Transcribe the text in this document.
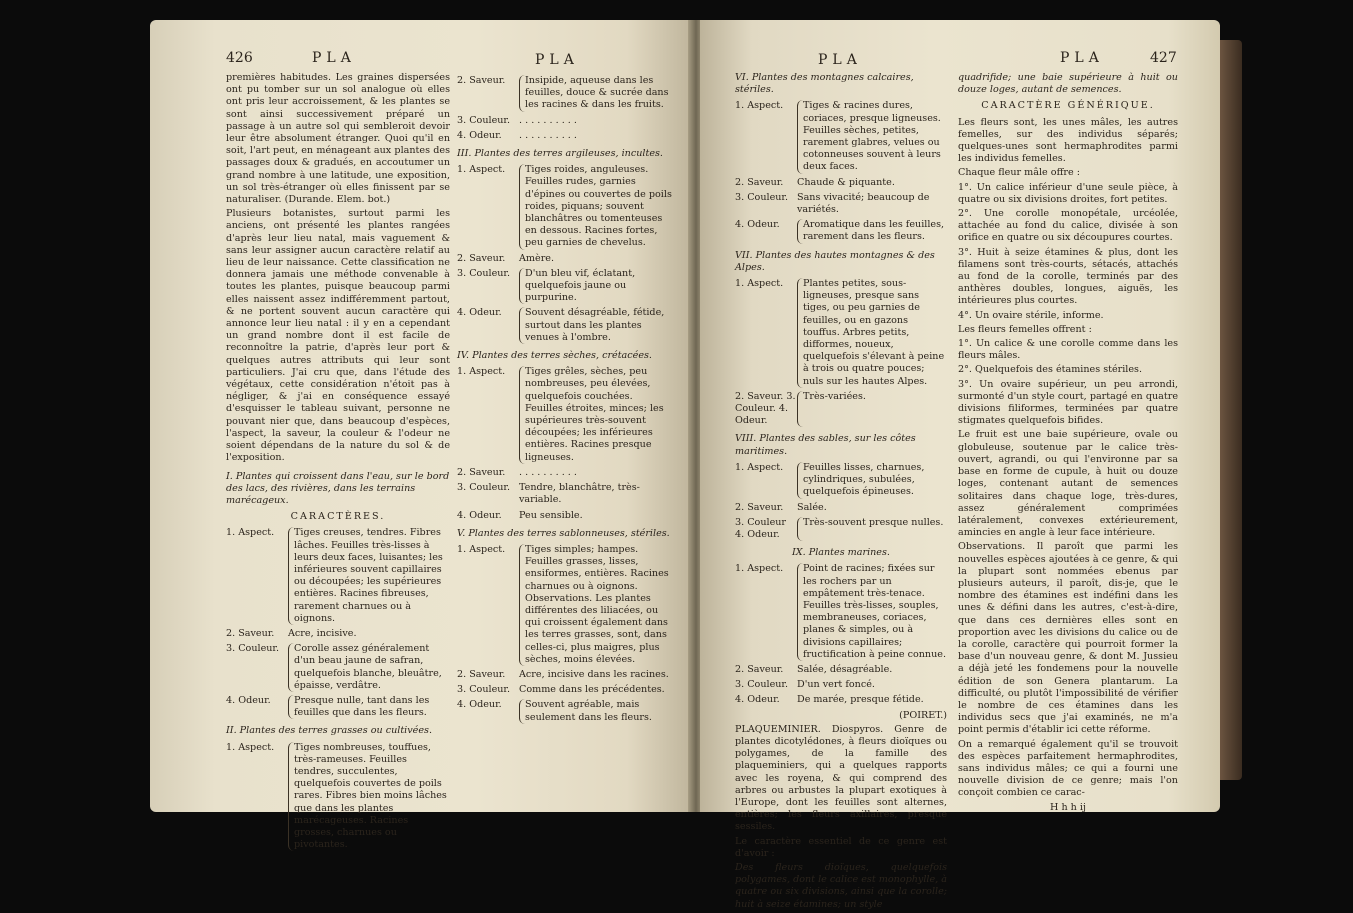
426	PLA	PLA

premières habitudes. Les graines dispersées ont pu tomber sur un sol analogue où elles ont pris leur accroissement, & les plantes se sont ainsi successivement préparé un passage à un autre sol qui sembleroit devoir leur être absolument étranger. Quoi qu'il en soit, l'art peut, en ménageant aux plantes des passages doux & gradués, en accoutumer un grand nombre à une latitude, une exposition, un sol très-étranger où elles finissent par se naturaliser. (Durande. Elem. bot.)

Plusieurs botanistes, surtout parmi les anciens, ont présenté les plantes rangées d'après leur lieu natal, mais vaguement & sans leur assigner aucun caractère relatif au lieu de leur naissance. Cette classification ne donnera jamais une méthode convenable à toutes les plantes, puisque beaucoup parmi elles naissent assez indifféremment partout, & ne portent souvent aucun caractère qui annonce leur lieu natal : il y en a cependant un grand nombre dont il est facile de reconnoître la patrie, d'après leur port & quelques autres attributs qui leur sont particuliers. J'ai cru que, dans l'étude des végétaux, cette considération n'étoit pas à négliger, & j'ai en conséquence essayé d'esquisser le tableau suivant, personne ne pouvant nier que, dans beaucoup d'espèces, l'aspect, la saveur, la couleur & l'odeur ne soient dépendans de la nature du sol & de l'exposition.

I. Plantes qui croissent dans l'eau, sur le bord des lacs, des rivières, dans les terrains marécageux.
CARACTÈRES.
1. Aspect.	Tiges creuses, tendres. Fibres lâches. Feuilles très-lisses à leurs deux faces, luisantes; les inférieures souvent capillaires ou découpées; les supérieures entières. Racines fibreuses, rarement charnues ou à oignons.
2. Saveur.	Acre, incisive.
3. Couleur.	Corolle assez généralement d'un beau jaune de safran, quelquefois blanche, bleuâtre, épaisse, verdâtre.
4. Odeur.	Presque nulle, tant dans les feuilles que dans les fleurs.
II. Plantes des terres grasses ou cultivées.
1. Aspect.	Tiges nombreuses, touffues, très-rameuses. Feuilles tendres, succulentes, quelquefois couvertes de poils rares. Fibres bien moins lâches que dans les plantes marécageuses. Racines grosses, charnues ou pivotantes.
2. Saveur.	Insipide, aqueuse dans les feuilles, douce & sucrée dans les racines & dans les fruits.
3. Couleur. . . . . . . . . . .
4. Odeur.	. . . . . . . . . .
III. Plantes des terres argileuses, incultes.
1. Aspect.	Tiges roides, anguleuses. Feuilles rudes, garnies d'épines ou couvertes de poils roides, piquans; souvent blanchâtres ou tomenteuses en dessous. Racines fortes, peu garnies de chevelus.
2. Saveur.	Amère.
3. Couleur.	D'un bleu vif, éclatant, quelquefois jaune ou purpurine.
4. Odeur.	Souvent désagréable, fétide, surtout dans les plantes venues à l'ombre.
IV. Plantes des terres sèches, crétacées.
1. Aspect.	Tiges grêles, sèches, peu nombreuses, peu élevées, quelquefois couchées. Feuilles étroites, minces; les supérieures très-souvent découpées; les inférieures entières. Racines presque ligneuses.
2. Saveur.	. . . . . . . . . .
3. Couleur. Tendre, blanchâtre, très-variable.
4. Odeur.	Peu sensible.
V. Plantes des terres sablonneuses, stériles.
1. Aspect.	Tiges simples; hampes. Feuilles grasses, lisses, ensiformes, entières. Racines charnues ou à oignons. Observations. Les plantes différentes des liliacées, ou qui croissent également dans les terres grasses, sont, dans celles-ci, plus maigres, plus sèches, moins élevées.
2. Saveur.	Acre, incisive dans les racines.
3. Couleur. Comme dans les précédentes.
4. Odeur.	Souvent agréable, mais seulement dans les fleurs.
PLA	PLA	427
VI. Plantes des montagnes calcaires, stériles.
1. Aspect.	Tiges & racines dures, coriaces, presque ligneuses. Feuilles sèches, petites, rarement glabres, velues ou cotonneuses souvent à leurs deux faces.
2. Saveur.	Chaude & piquante.
3. Couleur. Sans vivacité; beaucoup de variétés.
4. Odeur.	Aromatique dans les feuilles, rarement dans les fleurs.
VII. Plantes des hautes montagnes & des Alpes.
1. Aspect.	Plantes petites, sous-ligneuses, presque sans tiges, ou peu garnies de feuilles, ou en gazons touffus. Arbres petits, difformes, noueux, quelquefois s'élevant à peine à trois ou quatre pouces; nuls sur les hautes Alpes.
2. Saveur. 3. Couleur. 4. Odeur.
Très-variées.
VIII. Plantes des sables, sur les côtes maritimes.
1. Aspect.	Feuilles lisses, charnues, cylindriques, subulées, quelquefois épineuses.
2. Saveur.	Salée.
3. Couleur 4. Odeur.
Très-souvent presque nulles.
IX. Plantes marines.
1. Aspect.	Point de racines; fixées sur les rochers par un empâtement très-tenace. Feuilles très-lisses, souples, membraneuses, coriaces, planes & simples, ou à divisions capillaires; fructification à peine connue.
2. Saveur.	Salée, désagréable.
3. Couleur. D'un vert foncé.
4. Odeur.	De marée, presque fétide.

(POIRET.)

PLAQUEMINIER. Diospyros. Genre de plantes dicotylédones, à fleurs dioïques ou polygames, de la famille des plaqueminiers, qui a quelques rapports avec les royena, & qui comprend des arbres ou arbustes la plupart exotiques à l'Europe, dont les feuilles sont alternes, entières; les fleurs axillaires, presque sessiles.

Le caractère essentiel de ce genre est d'avoir :

Des fleurs dioïques, quelquefois polygames, dont le calice est monophylle, à quatre ou six divisions, ainsi que la corolle; huit à seize étamines; un style

quadrifide; une baie supérieure à huit ou douze loges, autant de semences.

CARACTÈRE GÉNÉRIQUE.

Les fleurs sont, les unes mâles, les autres femelles, sur des individus séparés; quelques-unes sont hermaphrodites parmi les individus femelles.

Chaque fleur mâle offre :

1°. Un calice inférieur d'une seule pièce, à quatre ou six divisions droites, fort petites.

2°. Une corolle monopétale, urcéolée, attachée au fond du calice, divisée à son orifice en quatre ou six découpures courtes.

3°. Huit à seize étamines & plus, dont les filamens sont très-courts, sétacés, attachés au fond de la corolle, terminés par des anthères doubles, longues, aiguës, les intérieures plus courtes.

4°. Un ovaire stérile, informe.

Les fleurs femelles offrent :

1°. Un calice & une corolle comme dans les fleurs mâles.

2°. Quelquefois des étamines stériles.

3°. Un ovaire supérieur, un peu arrondi, surmonté d'un style court, partagé en quatre divisions filiformes, terminées par quatre stigmates quelquefois bifides.

Le fruit est une baie supérieure, ovale ou globuleuse, soutenue par le calice très-ouvert, agrandi, ou qui l'environne par sa base en forme de cupule, à huit ou douze loges, contenant autant de semences solitaires dans chaque loge, très-dures, assez généralement comprimées latéralement, convexes extérieurement, amincies en angle à leur face intérieure.

Observations. Il paroît que parmi les nouvelles espèces ajoutées à ce genre, & qui la plupart sont nommées ebenus par plusieurs auteurs, il paroît, dis-je, que le nombre des étamines est indéfini dans les unes & défini dans les autres, c'est-à-dire, que dans ces dernières elles sont en proportion avec les divisions du calice ou de la corolle, caractère qui pourroit former la base d'un nouveau genre, & dont M. Jussieu a déjà jeté les fondemens pour la nouvelle édition de son Genera plantarum. La difficulté, ou plutôt l'impossibilité de vérifier le nombre de ces étamines dans les individus secs que j'ai examinés, ne m'a point permis d'établir ici cette réforme.

On a remarqué également qu'il se trouvoit des espèces parfaitement hermaphrodites, sans individus mâles; ce qui a fourni une nouvelle division de ce genre; mais l'on conçoit combien ce carac-

H h h ij
